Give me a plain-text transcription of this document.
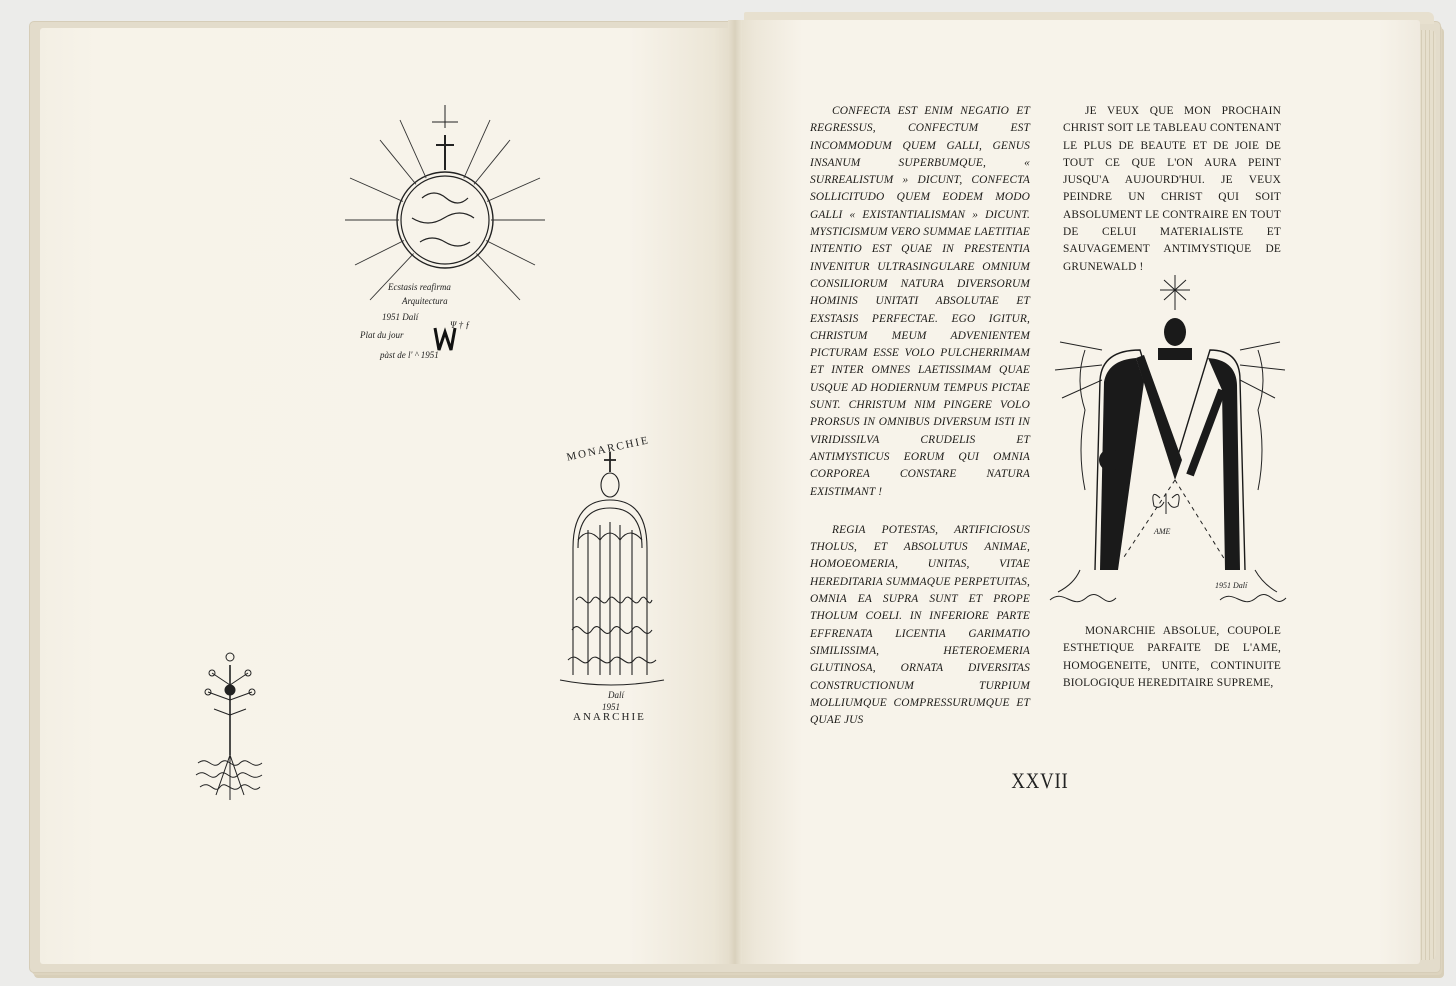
Ecstasis reafirma
Arquitectura
1951 Dalí
Plat du jour
Ψ † ƒ
pàst de l' ^ 1951
MONARCHIE
Dalí
1951
ANARCHIE
AME
1951 Dalí

CONFECTA EST ENIM NEGATIO ET REGRESSUS, CONFECTUM EST INCOMMODUM QUEM GALLI, GENUS INSANUM SUPERBUMQUE, « SURREALISTUM » DICUNT, CONFECTA SOLLICITUDO QUEM EODEM MODO GALLI « EXISTANTIALISMAN » DICUNT. MYSTICISMUM VERO SUMMAE LAETITIAE INTENTIO EST QUAE IN PRESTENTIA INVENITUR ULTRASINGULARE OMNIUM CONSILIORUM NATURA DIVERSORUM HOMINIS UNITATI ABSOLUTAE ET EXSTASIS PERFECTAE. EGO IGITUR, CHRISTUM MEUM ADVENIENTEM PICTURAM ESSE VOLO PULCHERRIMAM ET INTER OMNES LAETISSIMAM QUAE USQUE AD HODIERNUM TEMPUS PICTAE SUNT. CHRISTUM NIM PINGERE VOLO PRORSUS IN OMNIBUS DIVERSUM ISTI IN VIRIDISSILVA CRUDELIS ET ANTIMYSTICUS EORUM QUI OMNIA CORPOREA CONSTARE NATURA EXISTIMANT !

REGIA POTESTAS, ARTIFICIOSUS THOLUS, ET ABSOLUTUS ANIMAE, HOMOEOMERIA, UNITAS, VITAE HEREDITARIA SUMMAQUE PERPETUITAS, OMNIA EA SUPRA SUNT ET PROPE THOLUM COELI. IN INFERIORE PARTE EFFRENATA LICENTIA GARIMATIO SIMILISSIMA, HETEROEMERIA GLUTINOSA, ORNATA DIVERSITAS CONSTRUCTIONUM TURPIUM MOLLIUMQUE COMPRESSURUMQUE ET QUAE JUS

JE VEUX QUE MON PROCHAIN CHRIST SOIT LE TABLEAU CONTENANT LE PLUS DE BEAUTE ET DE JOIE DE TOUT CE QUE L'ON AURA PEINT JUSQU'A AUJOURD'HUI. JE VEUX PEINDRE UN CHRIST QUI SOIT ABSOLUMENT LE CONTRAIRE EN TOUT DE CELUI MATERIALISTE ET SAUVAGEMENT ANTIMYSTIQUE DE GRUNEWALD !

MONARCHIE ABSOLUE, COUPOLE ESTHETIQUE PARFAITE DE L'AME, HOMOGENEITE, UNITE, CONTINUITE BIOLOGIQUE HEREDITAIRE SUPREME,

XXVII
